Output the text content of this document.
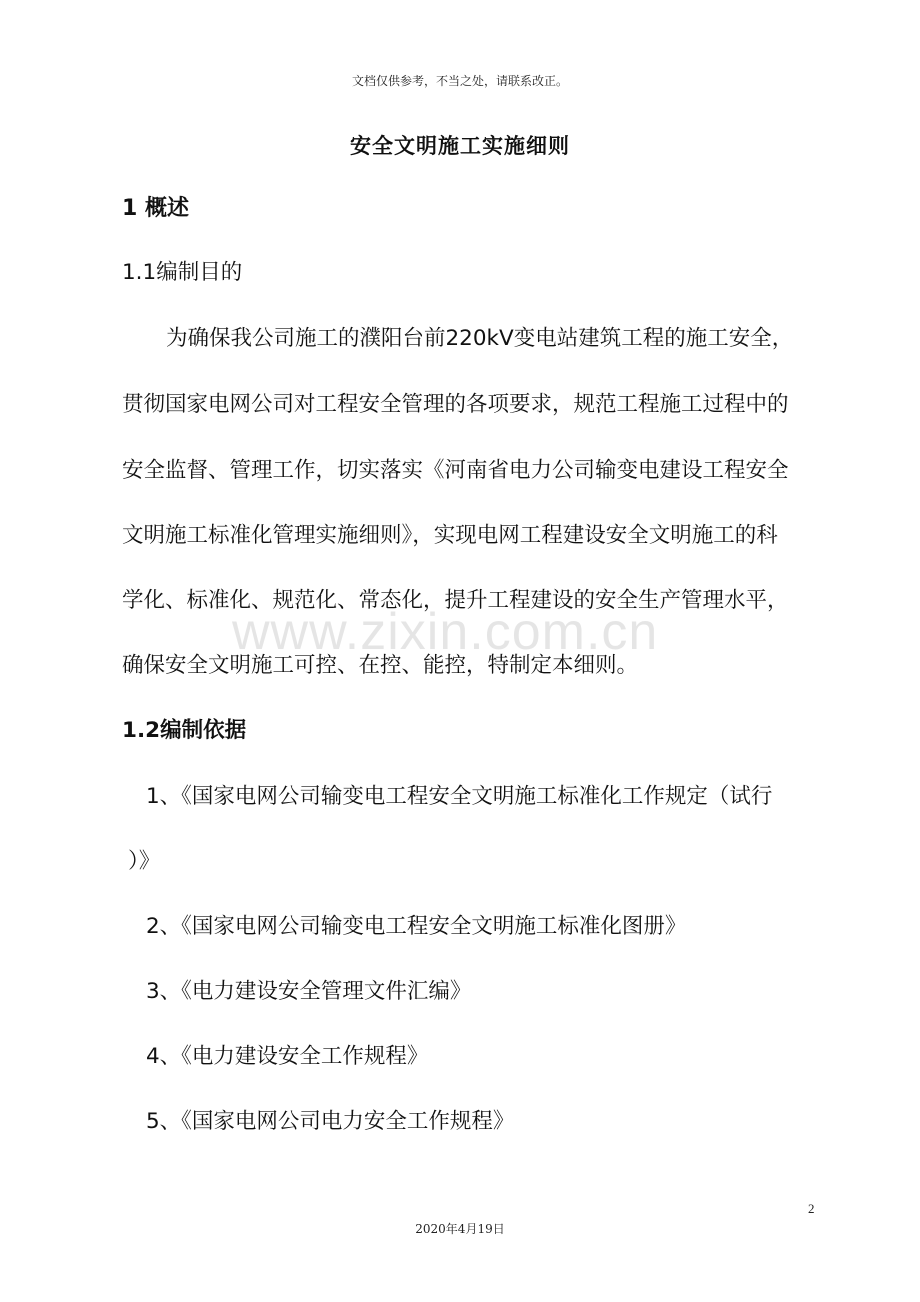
文档仅供参考，不当之处，请联系改正。
安全文明施工实施细则
1 概述
1.1编制目的
为确保我公司施工的濮阳台前220kV变电站建筑工程的施工安全，
贯彻国家电网公司对工程安全管理的各项要求，规范工程施工过程中的
安全监督、管理工作，切实落实《河南省电力公司输变电建设工程安全
文明施工标准化管理实施细则》，实现电网工程建设安全文明施工的科
学化、标准化、规范化、常态化，提升工程建设的安全生产管理水平，
确保安全文明施工可控、在控、能控，特制定本细则。
1.2编制依据
1、《国家电网公司输变电工程安全文明施工标准化工作规定（试行
）》
2、《国家电网公司输变电工程安全文明施工标准化图册》
3、《电力建设安全管理文件汇编》
4、《电力建设安全工作规程》
5、《国家电网公司电力安全工作规程》
www.zixin.com.cn
2
2020年4月19日
